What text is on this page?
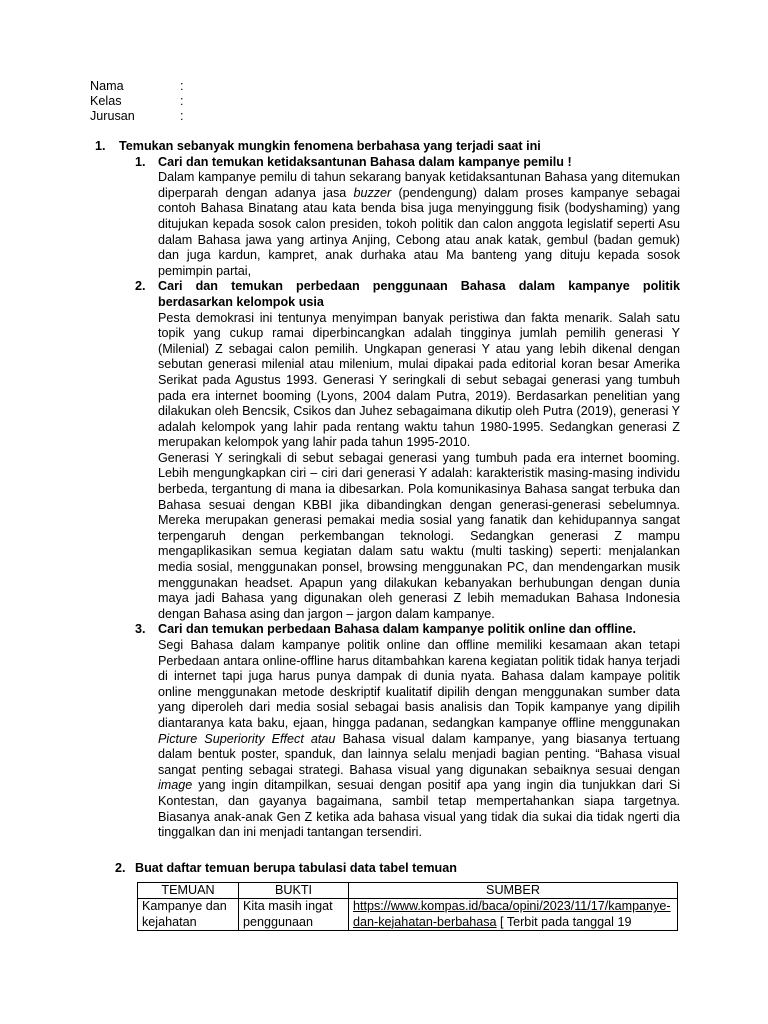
Nama	:
Kelas	:
Jurusan	:
1. Temukan sebanyak mungkin fenomena berbahasa yang terjadi saat ini
1. Cari dan temukan ketidaksantunan Bahasa dalam kampanye pemilu !
Dalam kampanye pemilu di tahun sekarang banyak ketidaksantunan Bahasa yang ditemukan diperparah dengan adanya jasa buzzer (pendengung) dalam proses kampanye sebagai contoh Bahasa Binatang atau kata benda bisa juga menyinggung fisik (bodyshaming) yang ditujukan kepada sosok calon presiden, tokoh politik dan calon anggota legislatif seperti Asu dalam Bahasa jawa yang artinya Anjing, Cebong atau anak katak, gembul (badan gemuk) dan juga kardun, kampret, anak durhaka atau Ma banteng yang dituju kepada sosok pemimpin partai,
2. Cari dan temukan perbedaan penggunaan Bahasa dalam kampanye politik berdasarkan kelompok usia
Pesta demokrasi ini tentunya menyimpan banyak peristiwa dan fakta menarik. Salah satu topik yang cukup ramai diperbincangkan adalah tingginya jumlah pemilih generasi Y (Milenial) Z sebagai calon pemilih. Ungkapan generasi Y atau yang lebih dikenal dengan sebutan generasi milenial atau milenium, mulai dipakai pada editorial koran besar Amerika Serikat pada Agustus 1993. Generasi Y seringkali di sebut sebagai generasi yang tumbuh pada era internet booming (Lyons, 2004 dalam Putra, 2019). Berdasarkan penelitian yang dilakukan oleh Bencsik, Csikos dan Juhez sebagaimana dikutip oleh Putra (2019), generasi Y adalah kelompok yang lahir pada rentang waktu tahun 1980-1995. Sedangkan generasi Z merupakan kelompok yang lahir pada tahun 1995-2010.
Generasi Y seringkali di sebut sebagai generasi yang tumbuh pada era internet booming. Lebih mengungkapkan ciri – ciri dari generasi Y adalah: karakteristik masing-masing individu berbeda, tergantung di mana ia dibesarkan. Pola komunikasinya Bahasa sangat terbuka dan Bahasa sesuai dengan KBBI jika dibandingkan dengan generasi-generasi sebelumnya. Mereka merupakan generasi pemakai media sosial yang fanatik dan kehidupannya sangat terpengaruh dengan perkembangan teknologi. Sedangkan generasi Z mampu mengaplikasikan semua kegiatan dalam satu waktu (multi tasking) seperti: menjalankan media sosial, menggunakan ponsel, browsing menggunakan PC, dan mendengarkan musik menggunakan headset. Apapun yang dilakukan kebanyakan berhubungan dengan dunia maya jadi Bahasa yang digunakan oleh generasi Z lebih memadukan Bahasa Indonesia dengan Bahasa asing dan jargon – jargon dalam kampanye.
3. Cari dan temukan perbedaan Bahasa dalam kampanye politik online dan offline.
Segi Bahasa dalam kampanye politik online dan offline memiliki kesamaan akan tetapi Perbedaan antara online-offline harus ditambahkan karena kegiatan politik tidak hanya terjadi di internet tapi juga harus punya dampak di dunia nyata. Bahasa dalam kampaye politik online menggunakan metode deskriptif kualitatif dipilih dengan menggunakan sumber data yang diperoleh dari media sosial sebagai basis analisis dan Topik kampanye yang dipilih diantaranya kata baku, ejaan, hingga padanan, sedangkan kampanye offline menggunakan Picture Superiority Effect atau Bahasa visual dalam kampanye, yang biasanya tertuang dalam bentuk poster, spanduk, dan lainnya selalu menjadi bagian penting. “Bahasa visual sangat penting sebagai strategi. Bahasa visual yang digunakan sebaiknya sesuai dengan image yang ingin ditampilkan, sesuai dengan positif apa yang ingin dia tunjukkan dari Si Kontestan, dan gayanya bagaimana, sambil tetap mempertahankan siapa targetnya. Biasanya anak-anak Gen Z ketika ada bahasa visual yang tidak dia sukai dia tidak ngerti dia tinggalkan dan ini menjadi tantangan tersendiri.
2. Buat daftar temuan berupa tabulasi data tabel temuan
TEMUAN	BUKTI	SUMBER
Kampanye dan kejahatan	Kita masih ingat penggunaan	https://www.kompas.id/baca/opini/2023/11/17/kampanye-dan-kejahatan-berbahasa [ Terbit pada tanggal 19
